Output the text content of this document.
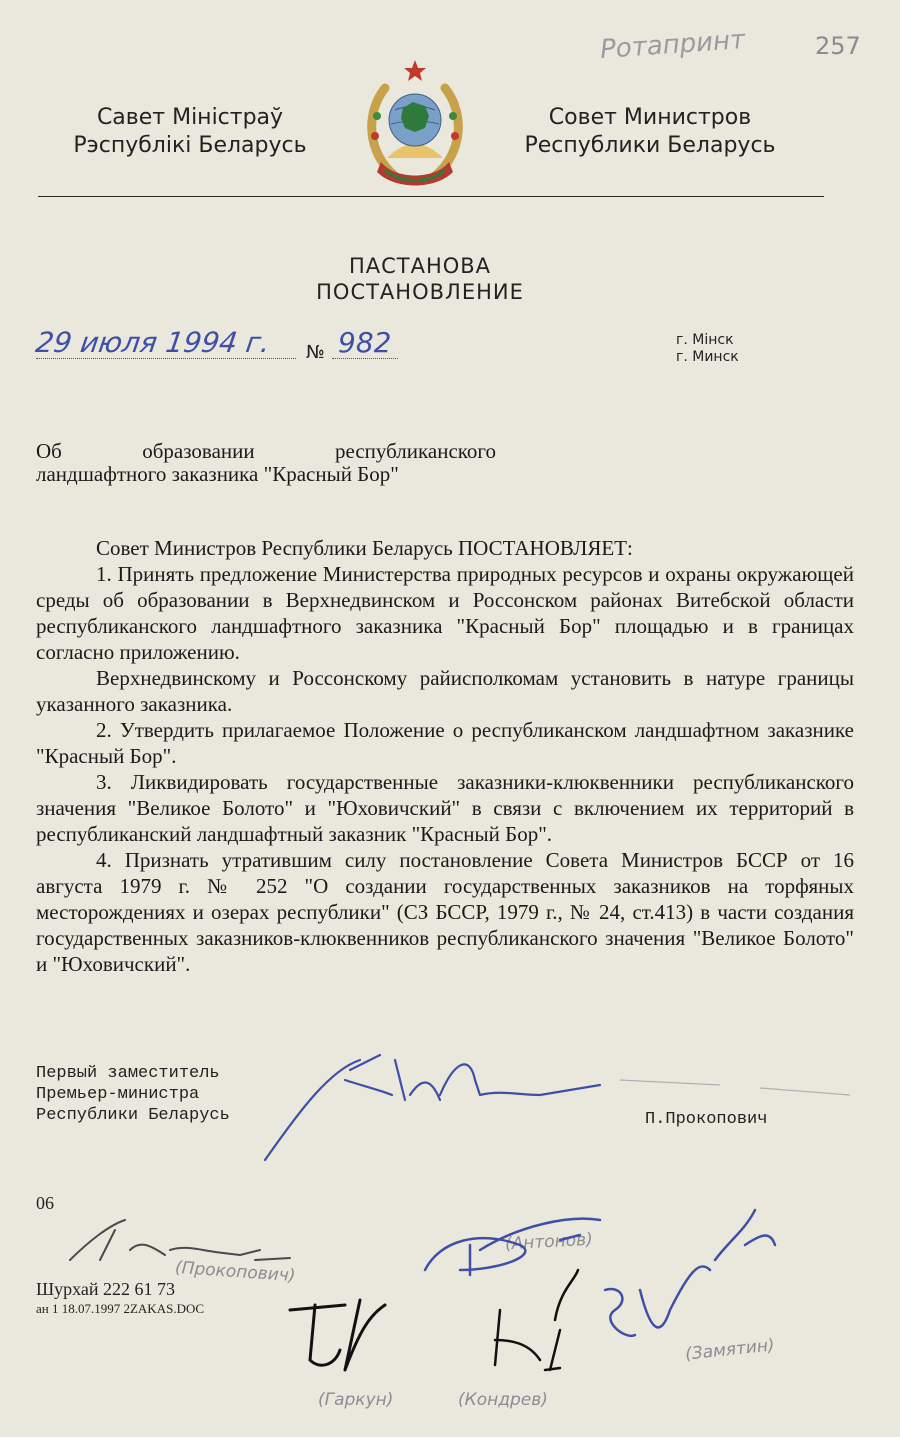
Ротапринт	257
Савет Міністраў
Рэспублікі Беларусь
Совет Министров
Республики Беларусь
ПАСТАНОВА
ПОСТАНОВЛЕНИЕ
29 июля 1994 г. № 982	г. Мінск
г. Минск
Об образовании республиканского
ландшафтного заказника "Красный Бор"

Совет Министров Республики Беларусь ПОСТАНОВЛЯЕТ:

1. Принять предложение Министерства природных ресурсов и охраны окружающей среды об образовании в Верхнедвинском и Россонском районах Витебской области республиканского ландшафтного заказника "Красный Бор" площадью и в границах согласно приложению.

Верхнедвинскому и Россонскому райисполкомам установить в натуре границы указанного заказника.

2. Утвердить прилагаемое Положение о республиканском ландшафтном заказнике "Красный Бор".

3. Ликвидировать государственные заказники-клюквенники республиканского значения "Великое Болото" и "Юховичский" в связи с включением их территорий в республиканский ландшафтный заказник "Красный Бор".

4. Признать утратившим силу постановление Совета Министров БССР от 16 августа 1979 г. № 252 "О создании государственных заказников на торфяных месторождениях и озерах республики" (СЗ БССР, 1979 г., № 24, ст.413) в части создания государственных заказников-клюквенников республиканского значения "Великое Болото" и "Юховичский".

Первый заместитель
Премьер-министра
Республики Беларусь	П.Прокопович
06
Шурхай 222 61 73
ан 1 18.07.1997 2ZAKAS.DOC
(Прокопович)
(Антонов)
(Гаркун)	(Кондрев)
(Замятин)
